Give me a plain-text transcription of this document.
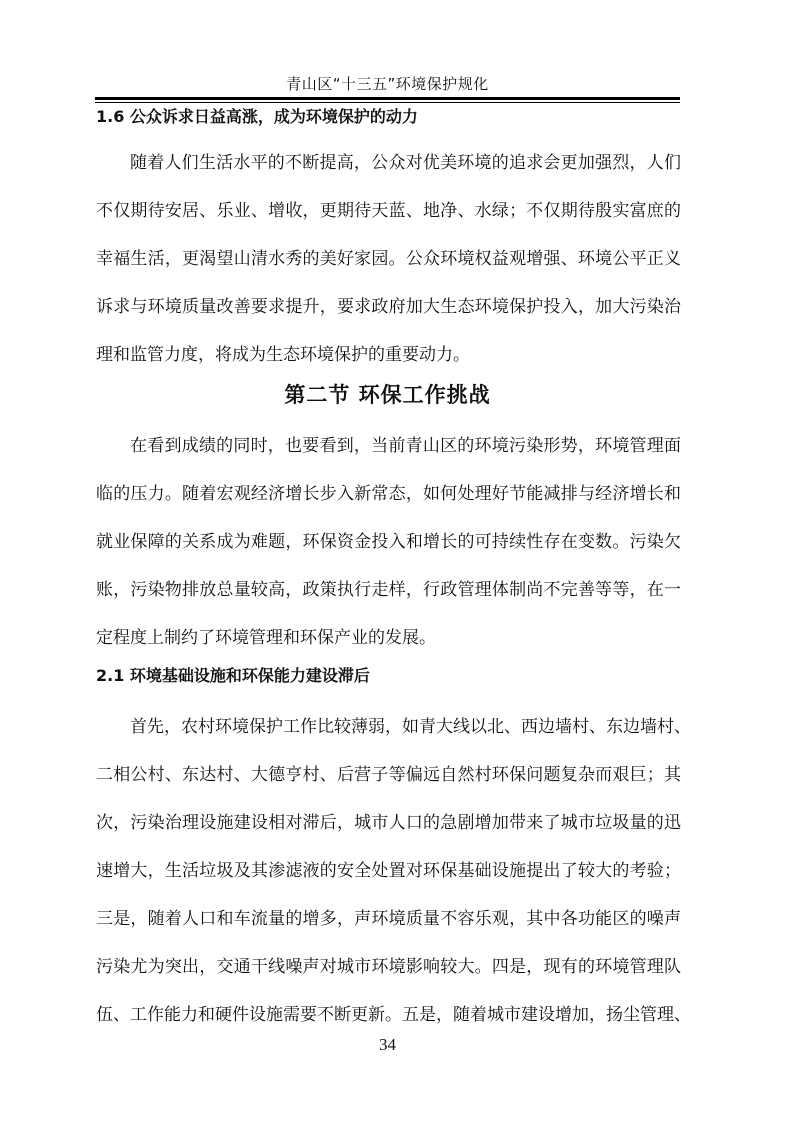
青山区“十三五”环境保护规化
1.6 公众诉求日益高涨，成为环境保护的动力
随着人们生活水平的不断提高，公众对优美环境的追求会更加强烈，人们
不仅期待安居、乐业、增收，更期待天蓝、地净、水绿；不仅期待殷实富庶的
幸福生活，更渴望山清水秀的美好家园。公众环境权益观增强、环境公平正义
诉求与环境质量改善要求提升，要求政府加大生态环境保护投入，加大污染治
理和监管力度，将成为生态环境保护的重要动力。
第二节 环保工作挑战
在看到成绩的同时，也要看到，当前青山区的环境污染形势，环境管理面
临的压力。随着宏观经济增长步入新常态，如何处理好节能减排与经济增长和
就业保障的关系成为难题，环保资金投入和增长的可持续性存在变数。污染欠
账，污染物排放总量较高，政策执行走样，行政管理体制尚不完善等等，在一
定程度上制约了环境管理和环保产业的发展。
2.1 环境基础设施和环保能力建设滞后
首先，农村环境保护工作比较薄弱，如青大线以北、西边墙村、东边墙村、
二相公村、东达村、大德亨村、后营子等偏远自然村环保问题复杂而艰巨；其
次，污染治理设施建设相对滞后，城市人口的急剧增加带来了城市垃圾量的迅
速增大，生活垃圾及其渗滤液的安全处置对环保基础设施提出了较大的考验；
三是，随着人口和车流量的增多，声环境质量不容乐观，其中各功能区的噪声
污染尤为突出，交通干线噪声对城市环境影响较大。四是，现有的环境管理队
伍、工作能力和硬件设施需要不断更新。五是，随着城市建设增加，扬尘管理、
34
